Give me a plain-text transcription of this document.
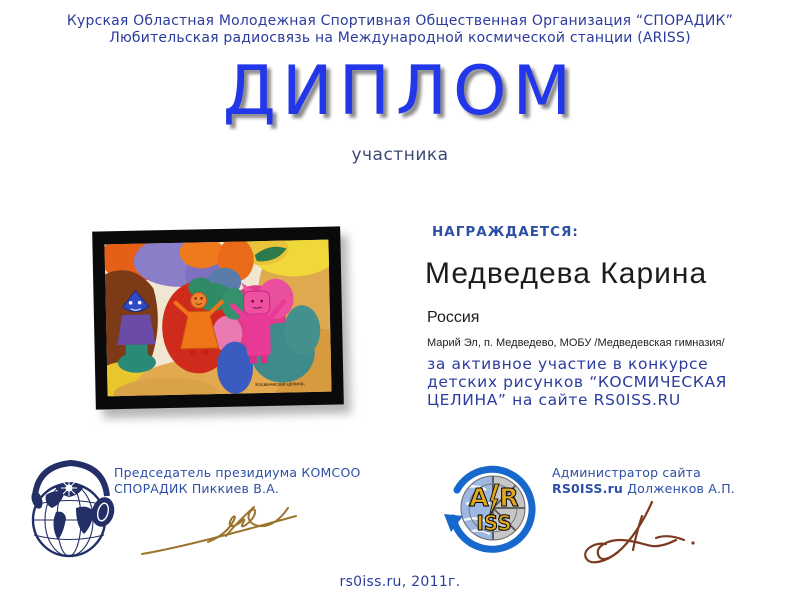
Курская Областная Молодежная Спортивная Общественная Организация “СПОРАДИК”
Любительская радиосвязь на Международной космической станции (ARISS)
ДИПЛОМ
участника
Космическая целина,
НАГРАЖДАЕТСЯ:
Медведева Карина
Россия
Марий Эл, п. Медведево, МОБУ /Медведевская гимназия/
за активное участие в конкурсе детских рисунков “КОСМИЧЕСКАЯ ЦЕЛИНА” на сайте RS0ISS.RU
Председатель президиума КОМСОО
СПОРАДИК Пиккиев В.А.	A R
ISS
Администратор сайта
RS0ISS.ru Долженков А.П.
rs0iss.ru, 2011г.
